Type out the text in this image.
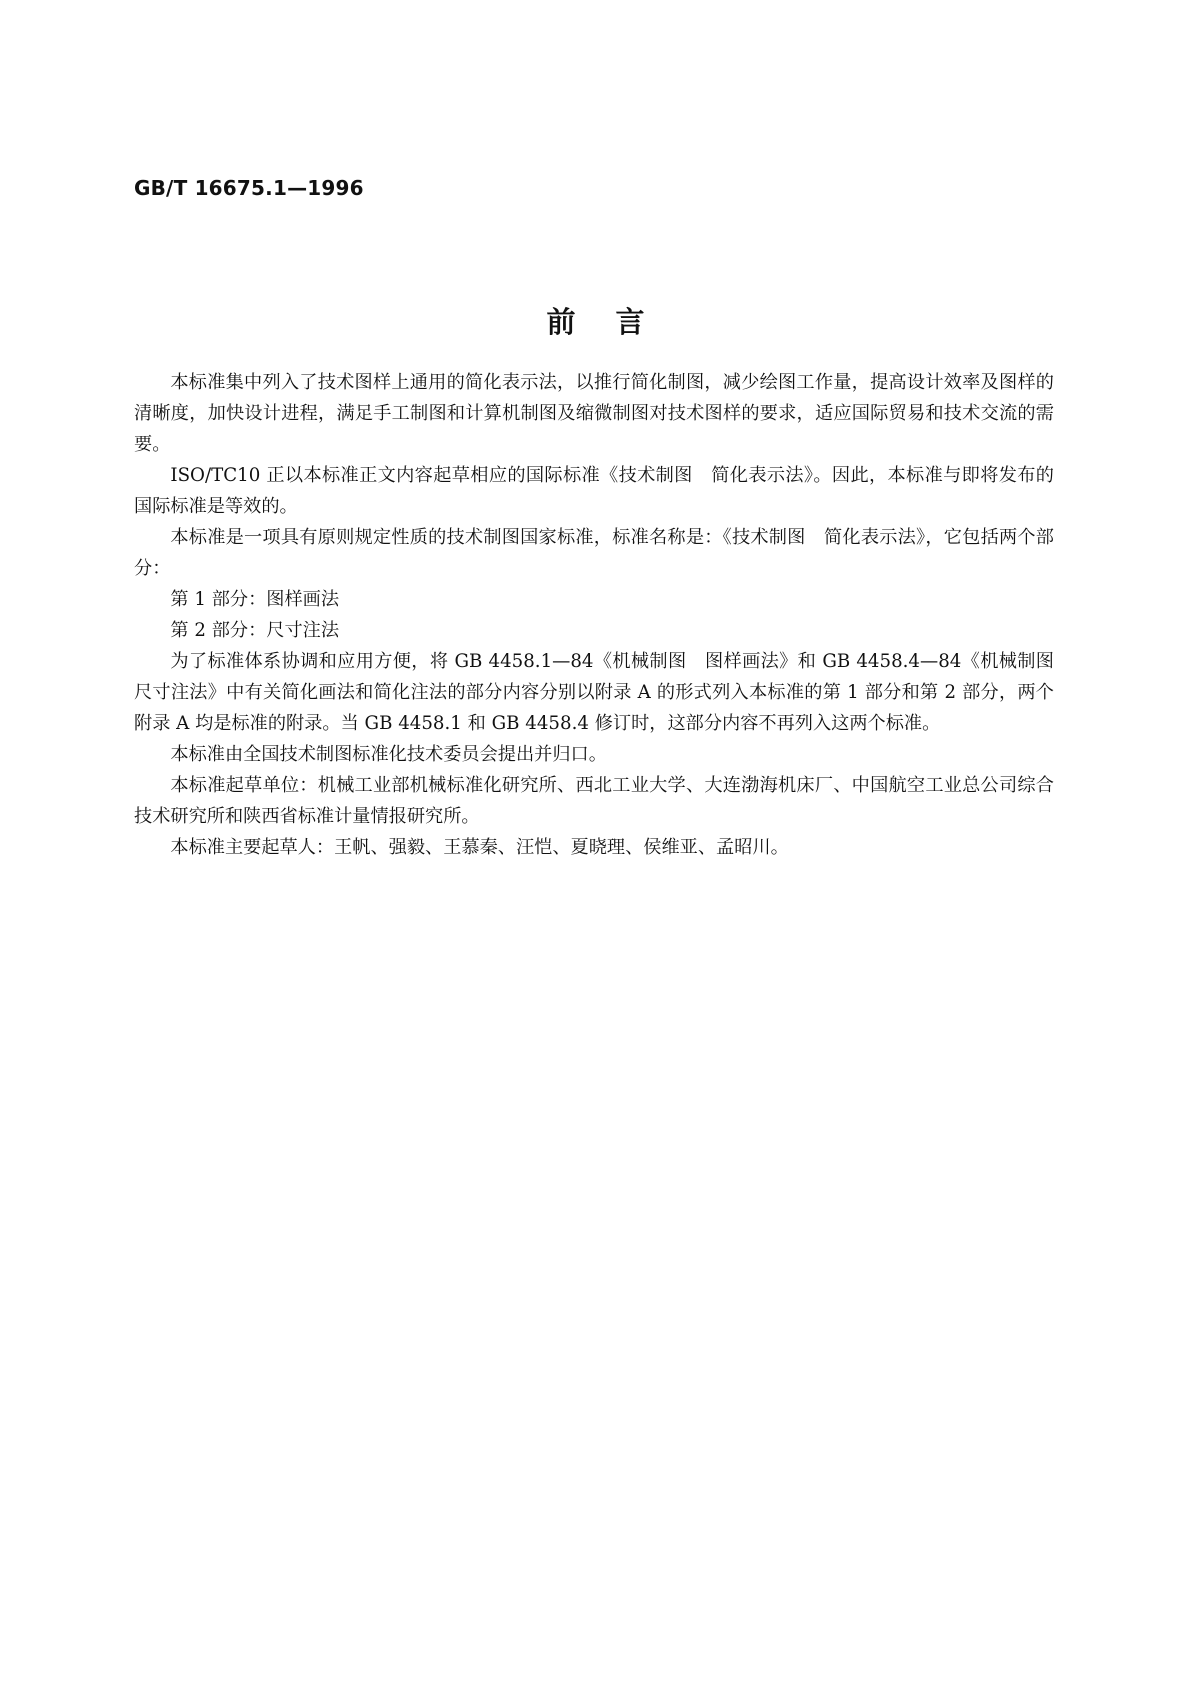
GB/T 16675.1—1996
前言

本标准集中列入了技术图样上通用的简化表示法，以推行简化制图，减少绘图工作量，提高设计效率及图样的清晰度，加快设计进程，满足手工制图和计算机制图及缩微制图对技术图样的要求，适应国际贸易和技术交流的需要。

ISO/TC10 正以本标准正文内容起草相应的国际标准《技术制图　简化表示法》。因此，本标准与即将发布的国际标准是等效的。

本标准是一项具有原则规定性质的技术制图国家标准，标准名称是：《技术制图　简化表示法》，它包括两个部分：

第 1 部分：图样画法

第 2 部分：尺寸注法

为了标准体系协调和应用方便，将 GB 4458.1—84《机械制图　图样画法》和 GB 4458.4—84《机械制图　尺寸注法》中有关简化画法和简化注法的部分内容分别以附录 A 的形式列入本标准的第 1 部分和第 2 部分，两个附录 A 均是标准的附录。当 GB 4458.1 和 GB 4458.4 修订时，这部分内容不再列入这两个标准。

本标准由全国技术制图标准化技术委员会提出并归口。

本标准起草单位：机械工业部机械标准化研究所、西北工业大学、大连渤海机床厂、中国航空工业总公司综合技术研究所和陕西省标准计量情报研究所。

本标准主要起草人：王帆、强毅、王慕秦、汪恺、夏晓理、侯维亚、孟昭川。
